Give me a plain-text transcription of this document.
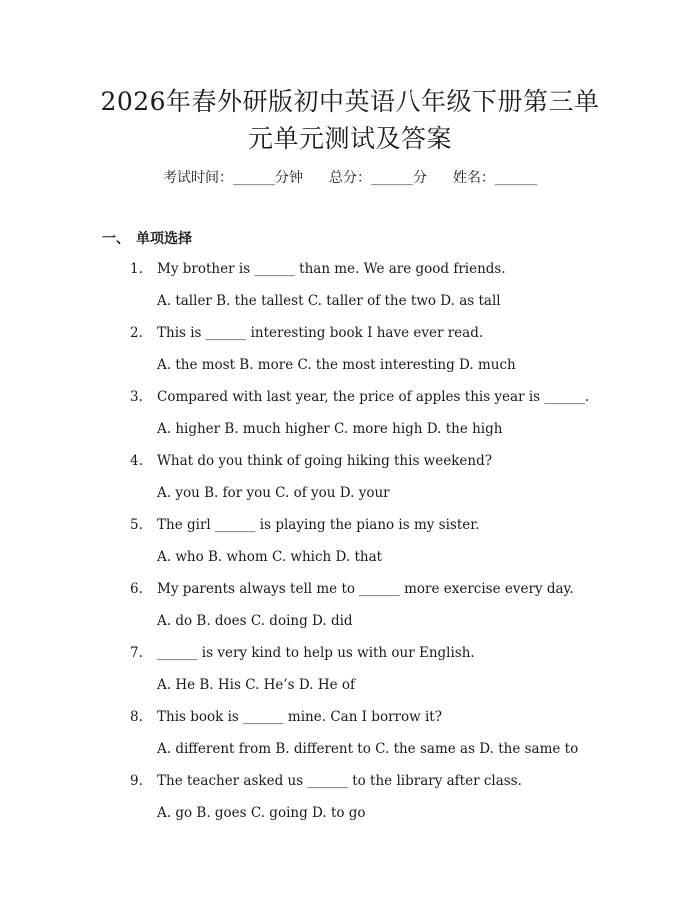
2026年春外研版初中英语八年级下册第三单
元单元测试及答案
考试时间：______分钟 总分：______分 姓名：______
一、 单项选择
1. My brother is ______ than me. We are good friends.
A. taller B. the tallest C. taller of the two D. as tall
2. This is ______ interesting book I have ever read.
A. the most B. more C. the most interesting D. much
3. Compared with last year, the price of apples this year is ______.
A. higher B. much higher C. more high D. the high
4. What do you think of going hiking this weekend?
A. you B. for you C. of you D. your
5. The girl ______ is playing the piano is my sister.
A. who B. whom C. which D. that
6. My parents always tell me to ______ more exercise every day.
A. do B. does C. doing D. did
7. ______ is very kind to help us with our English.
A. He B. His C. He’s D. He of
8. This book is ______ mine. Can I borrow it?
A. different from B. different to C. the same as D. the same to
9. The teacher asked us ______ to the library after class.
A. go B. goes C. going D. to go
